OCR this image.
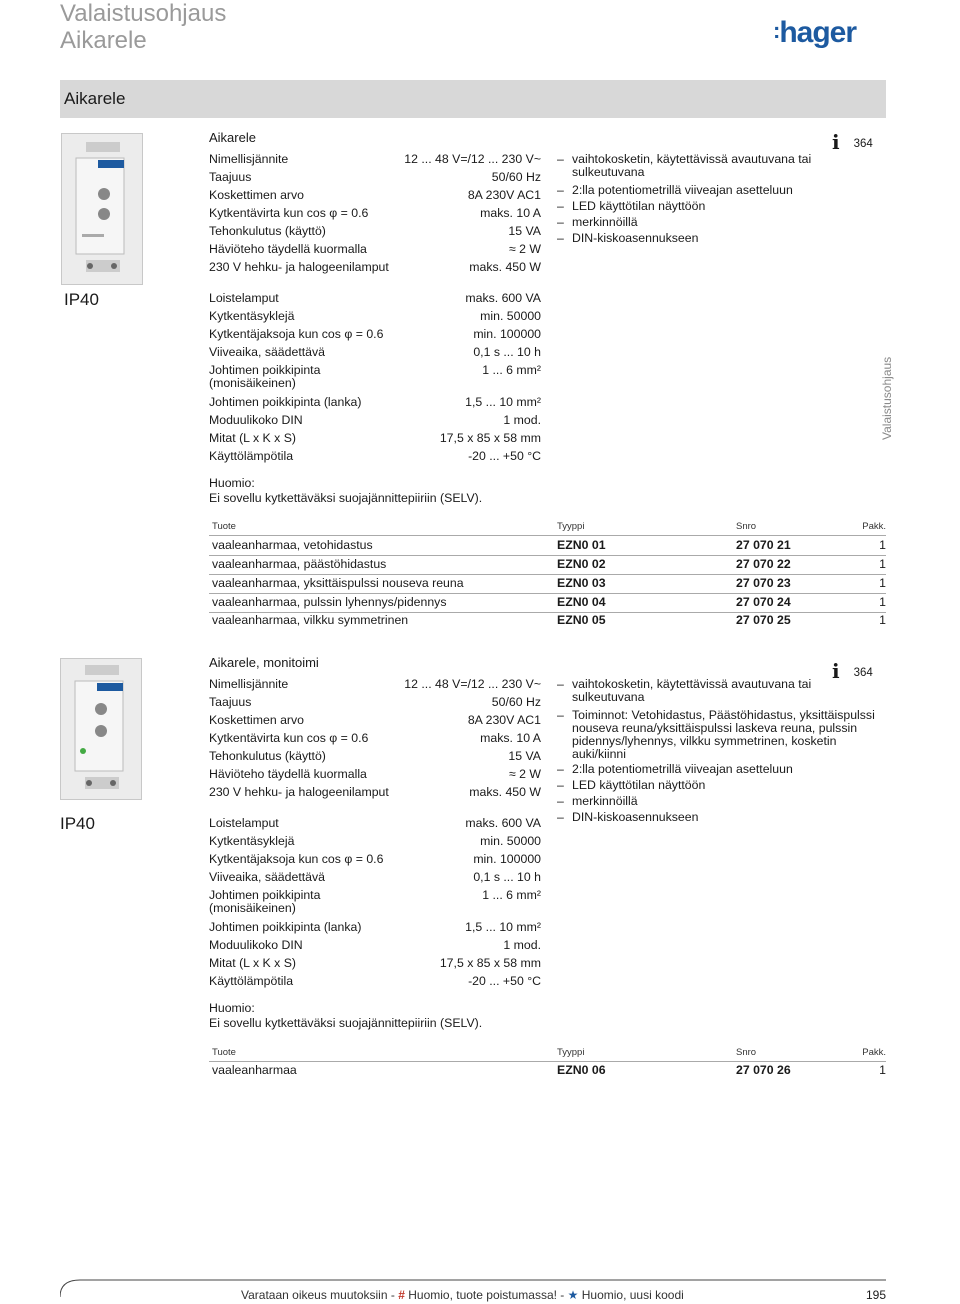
Valaistusohjaus
Aikarele	:hager
Aikarele
Valaistusohjaus
IP40
Aikarele	i 364
Nimellisjännite	12 ... 48 V=/12 ... 230 V~
Taajuus	50/60 Hz
Koskettimen arvo	8A 230V AC1
Kytkentävirta kun cos φ = 0.6	maks. 10 A
Tehonkulutus (käyttö)	15 VA
Häviöteho täydellä kuormalla	≈ 2 W
230 V hehku- ja halogeenilamput	maks. 450 W
Loistelamput	maks. 600 VA
Kytkentäsyklejä	min. 50000
Kytkentäjaksoja kun cos φ = 0.6	min. 100000
Viiveaika, säädettävä	0,1 s ... 10 h
Johtimen poikkipinta (monisäikeinen)
1 ... 6 mm²
Johtimen poikkipinta (lanka)	1,5 ... 10 mm²
Moduulikoko DIN	1 mod.
Mitat (L x K x S)	17,5 x 85 x 58 mm
Käyttölämpötila	-20 ... +50 °C
Huomio:
Ei sovellu kytkettäväksi suojajännittepiiriin (SELV).
– vaihtokosketin, käytettävissä avautuvana tai sulkeutuvana
– 2:lla potentiometrillä viiveajan asetteluun
– LED käyttötilan näyttöön
– merkinnöillä
– DIN-kiskoasennukseen
Tuote	Tyyppi	Snro	Pakk.
vaaleanharmaa, vetohidastus	EZN0 01	27 070 21	1
vaaleanharmaa, päästöhidastus	EZN0 02	27 070 22	1
vaaleanharmaa, yksittäispulssi nouseva reuna	EZN0 03	27 070 23	1
vaaleanharmaa, pulssin lyhennys/pidennys	EZN0 04	27 070 24	1
vaaleanharmaa, vilkku symmetrinen	EZN0 05	27 070 25	1
IP40
Aikarele, monitoimi	i 364
Nimellisjännite	12 ... 48 V=/12 ... 230 V~
Taajuus	50/60 Hz
Koskettimen arvo	8A 230V AC1
Kytkentävirta kun cos φ = 0.6	maks. 10 A
Tehonkulutus (käyttö)	15 VA
Häviöteho täydellä kuormalla	≈ 2 W
230 V hehku- ja halogeenilamput	maks. 450 W
Loistelamput	maks. 600 VA
Kytkentäsyklejä	min. 50000
Kytkentäjaksoja kun cos φ = 0.6	min. 100000
Viiveaika, säädettävä	0,1 s ... 10 h
Johtimen poikkipinta (monisäikeinen)
1 ... 6 mm²
Johtimen poikkipinta (lanka)	1,5 ... 10 mm²
Moduulikoko DIN	1 mod.
Mitat (L x K x S)	17,5 x 85 x 58 mm
Käyttölämpötila	-20 ... +50 °C
Huomio:
Ei sovellu kytkettäväksi suojajännittepiiriin (SELV).
– vaihtokosketin, käytettävissä avautuvana tai sulkeutuvana
– Toiminnot: Vetohidastus, Päästöhidastus, yksittäispulssi nouseva reuna/yksittäispulssi laskeva reuna, pulssin pidennys/lyhennys, vilkku symmetrinen, kosketin auki/kiinni
– 2:lla potentiometrillä viiveajan asetteluun
– LED käyttötilan näyttöön
– merkinnöillä
– DIN-kiskoasennukseen
Tuote	Tyyppi	Snro	Pakk.
vaaleanharmaa	EZN0 06	27 070 26	1
Varataan oikeus muutoksiin - # Huomio, tuote poistumassa! - ★ Huomio, uusi koodi	195
